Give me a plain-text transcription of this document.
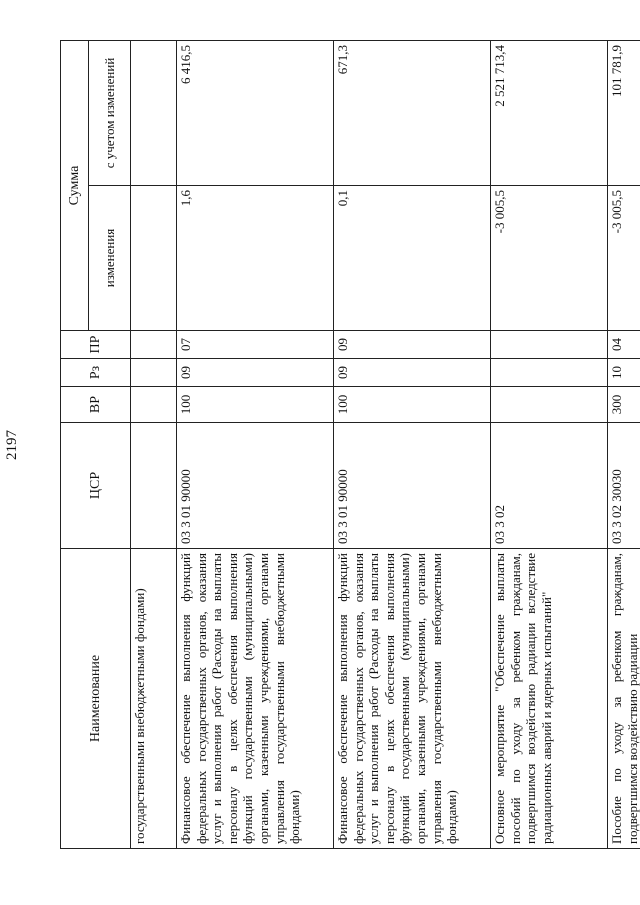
2197
Наименование	ЦСР	ВР	Рз	ПР	Сумма	
					изменения	с учетом изменений
государственными внебюджетными фондами)						
Финансовое обеспечение выполнения функций федеральных государственных органов, оказания услуг и выполнения работ (Расходы на выплаты персоналу в целях обеспечения выполнения функций государственными (муниципальными) органами, казенными учреждениями, органами управления государственными внебюджетными фондами)	03 3 01 90000	100	09	07	1,6	6 416,5
Финансовое обеспечение выполнения функций федеральных государственных органов, оказания услуг и выполнения работ (Расходы на выплаты персоналу в целях обеспечения выполнения функций государственными (муниципальными) органами, казенными учреждениями, органами управления государственными внебюджетными фондами)	03 3 01 90000	100	09	09	0,1	671,3
Основное мероприятие "Обеспечение выплаты пособий по уходу за ребенком гражданам, подвергшимся воздействию радиации вследствие радиационных аварий и ядерных испытаний"	03 3 02				-3 005,5	2 521 713,4
Пособие по уходу за ребенком гражданам, подвергшимся воздействию радиации	03 3 02 30030	300	10	04	-3 005,5	101 781,9
